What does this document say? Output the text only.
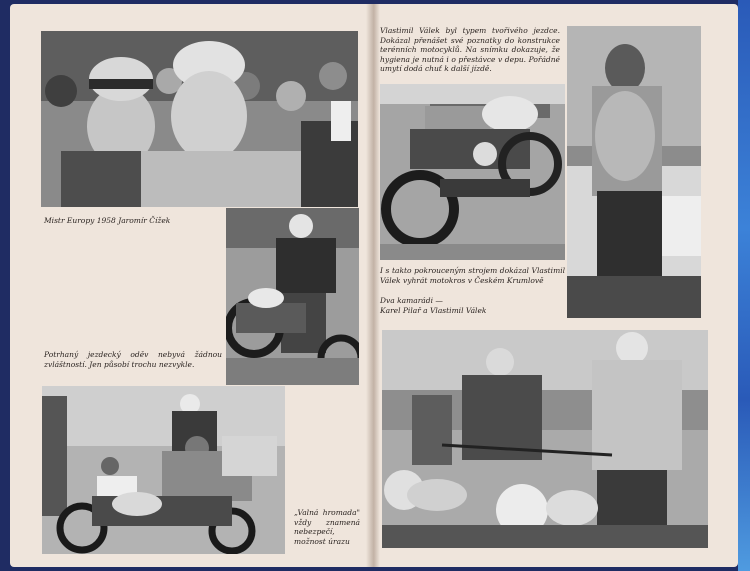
Mistr Europy 1958 Jaromír Čížek

Potrhaný jezdecký oděv nebyvá žádnou zvláštností. Jen působí trochu nezvykle.

„Valná hromada" vždy znamená nebezpečí, možnost úrazu

Vlastimil Válek byl typem tvořivého jezdce. Dokázal přenášet své poznatky do konstrukce terénních motocyklů. Na snímku dokazuje, že hygiena je nutná i o přestávce v depu. Pořádné umytí dodá chuť k další jízdě.

I s takto pokrouceným strojem dokázal Vlastimil Válek vyhrát motokros v Českém Krumlově

Dva kamarádi —

Karel Pilař a Vlastimil Válek
